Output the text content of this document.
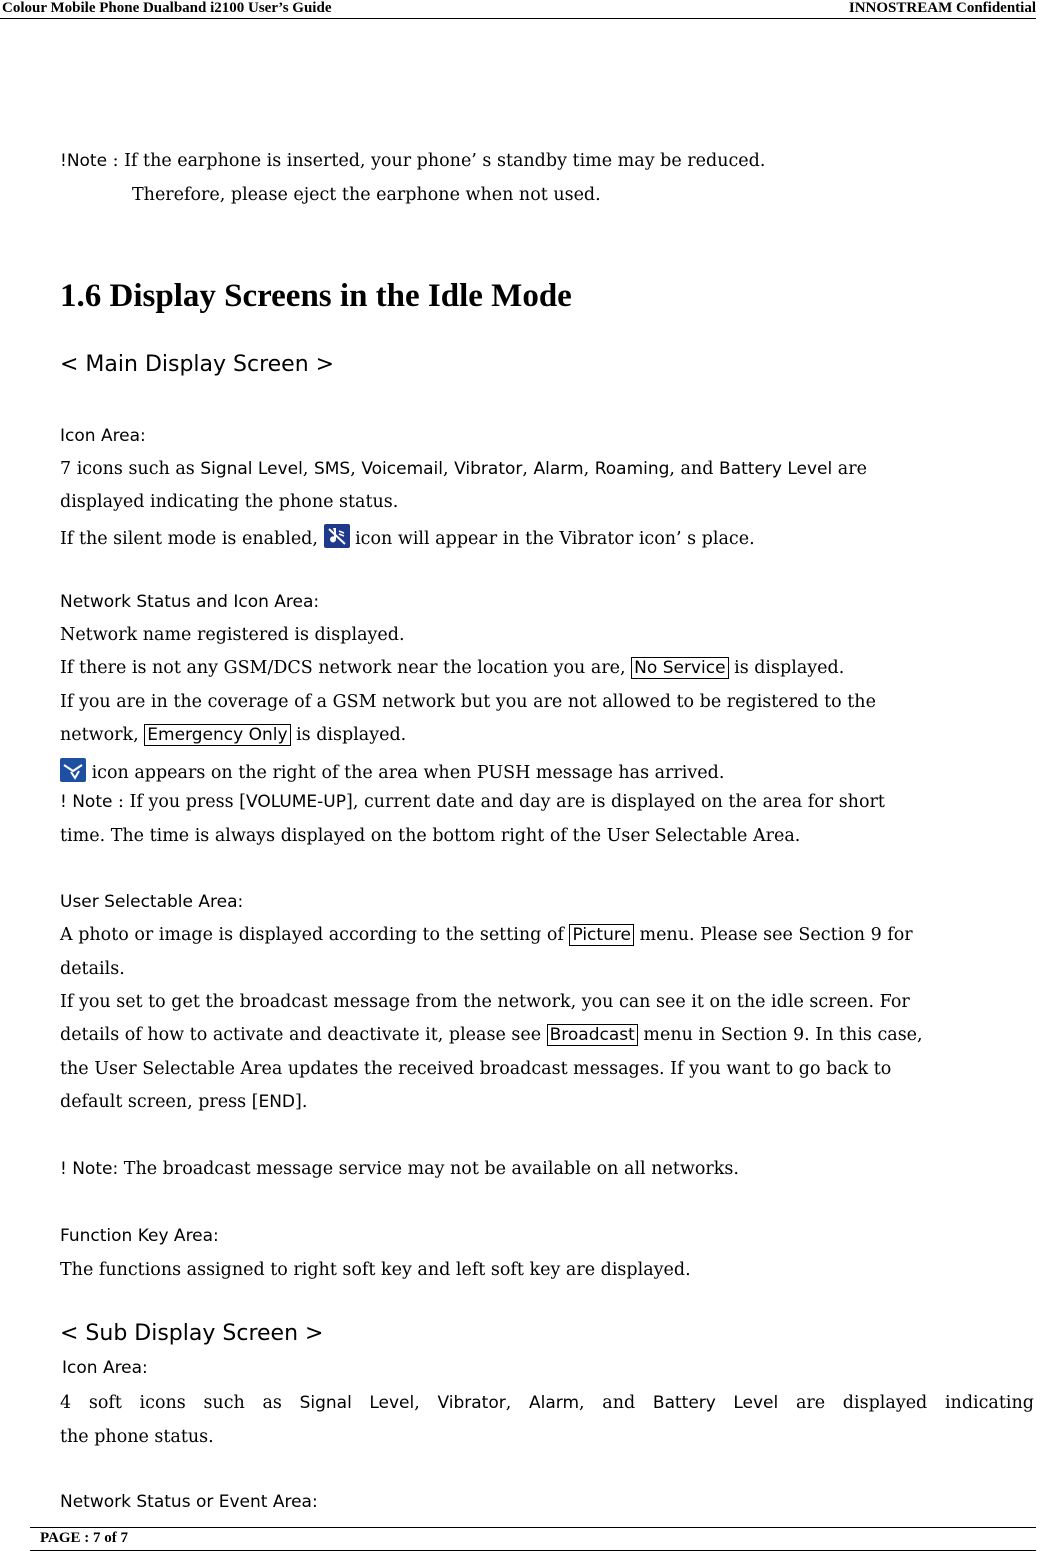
Colour Mobile Phone Dualband i2100 User’s Guide	INNOSTREAM Confidential
!Note : If the earphone is inserted, your phone’ s standby time may be reduced.
Therefore, please eject the earphone when not used.
1.6 Display Screens in the Idle Mode
< Main Display Screen >
Icon Area:
7 icons such as Signal Level, SMS, Voicemail, Vibrator, Alarm, Roaming, and Battery Level are
displayed indicating the phone status.
If the silent mode is enabled,  icon will appear in the Vibrator icon’ s place.
Network Status and Icon Area:
Network name registered is displayed.
If there is not any GSM/DCS network near the location you are, No Service is displayed.
If you are in the coverage of a GSM network but you are not allowed to be registered to the
network, Emergency Only is displayed.
icon appears on the right of the area when PUSH message has arrived.
! Note : If you press [VOLUME-UP], current date and day are is displayed on the area for short
time. The time is always displayed on the bottom right of the User Selectable Area.
User Selectable Area:
A photo or image is displayed according to the setting of Picture menu. Please see Section 9 for
details.
If you set to get the broadcast message from the network, you can see it on the idle screen. For
details of how to activate and deactivate it, please see Broadcast menu in Section 9. In this case,
the User Selectable Area updates the received broadcast messages. If you want to go back to
default screen, press [END].
! Note: The broadcast message service may not be available on all networks.
Function Key Area:
The functions assigned to right soft key and left soft key are displayed.
< Sub Display Screen >
Icon Area:
4 soft icons such as Signal Level, Vibrator, Alarm, and Battery Level are displayed indicating
the phone status.
Network Status or Event Area:
PAGE : 7 of 7
